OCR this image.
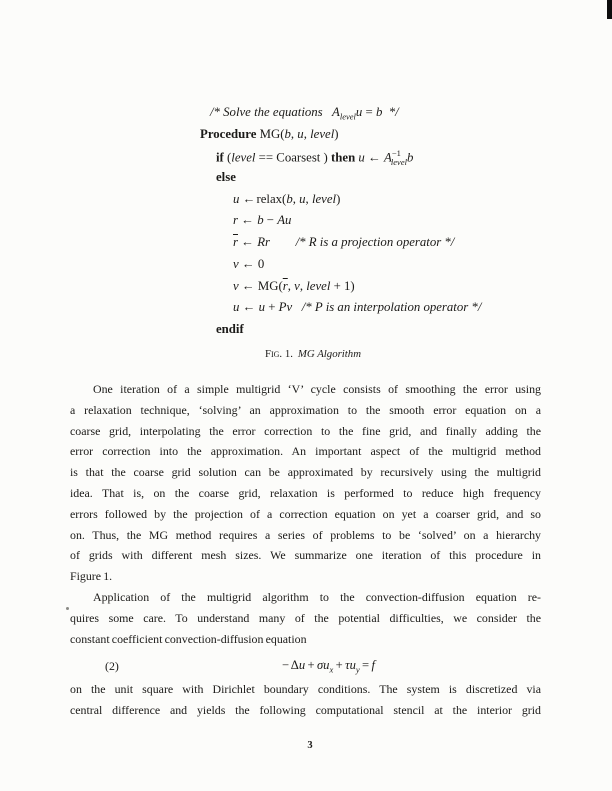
/* Solve the equations   $A_{level}u = b$  */
Procedure MG(b, u, level)
if (level == Coarsest ) then u ← $A^{-1}_{level}b$
else
u ← relax(b, u, level)
r ← b − Au
$\overline{r}$ ← Rr /* R is a projection operator */
v ← 0
v ← $MG(\overline{r}$, v, level + 1)
u ← u + Pv /* P is an interpolation operator */
endif
Fig. 1. MG Algorithm
One iteration of a simple multigrid ‘V’ cycle consists of smoothing the error using
a relaxation technique, ‘solving’ an approximation to the smooth error equation on a
coarse grid, interpolating the error correction to the fine grid, and finally adding the
error correction into the approximation. An important aspect of the multigrid method
is that the coarse grid solution can be approximated by recursively using the multigrid
idea. That is, on the coarse grid, relaxation is performed to reduce high frequency
errors followed by the projection of a correction equation on yet a coarser grid, and so
on. Thus, the MG method requires a series of problems to be ‘solved’ on a hierarchy
of grids with different mesh sizes. We summarize one iteration of this procedure in
Figure 1.
Application of the multigrid algorithm to the convection-diffusion equation re-
quires some care. To understand many of the potential difficulties, we consider the
constant coefficient convection-diffusion equation
(2)	− $\Delta u + \sigma u_x + \tau u_y = f$
on the unit square with Dirichlet boundary conditions. The system is discretized via
central difference and yields the following computational stencil at the interior grid
3
